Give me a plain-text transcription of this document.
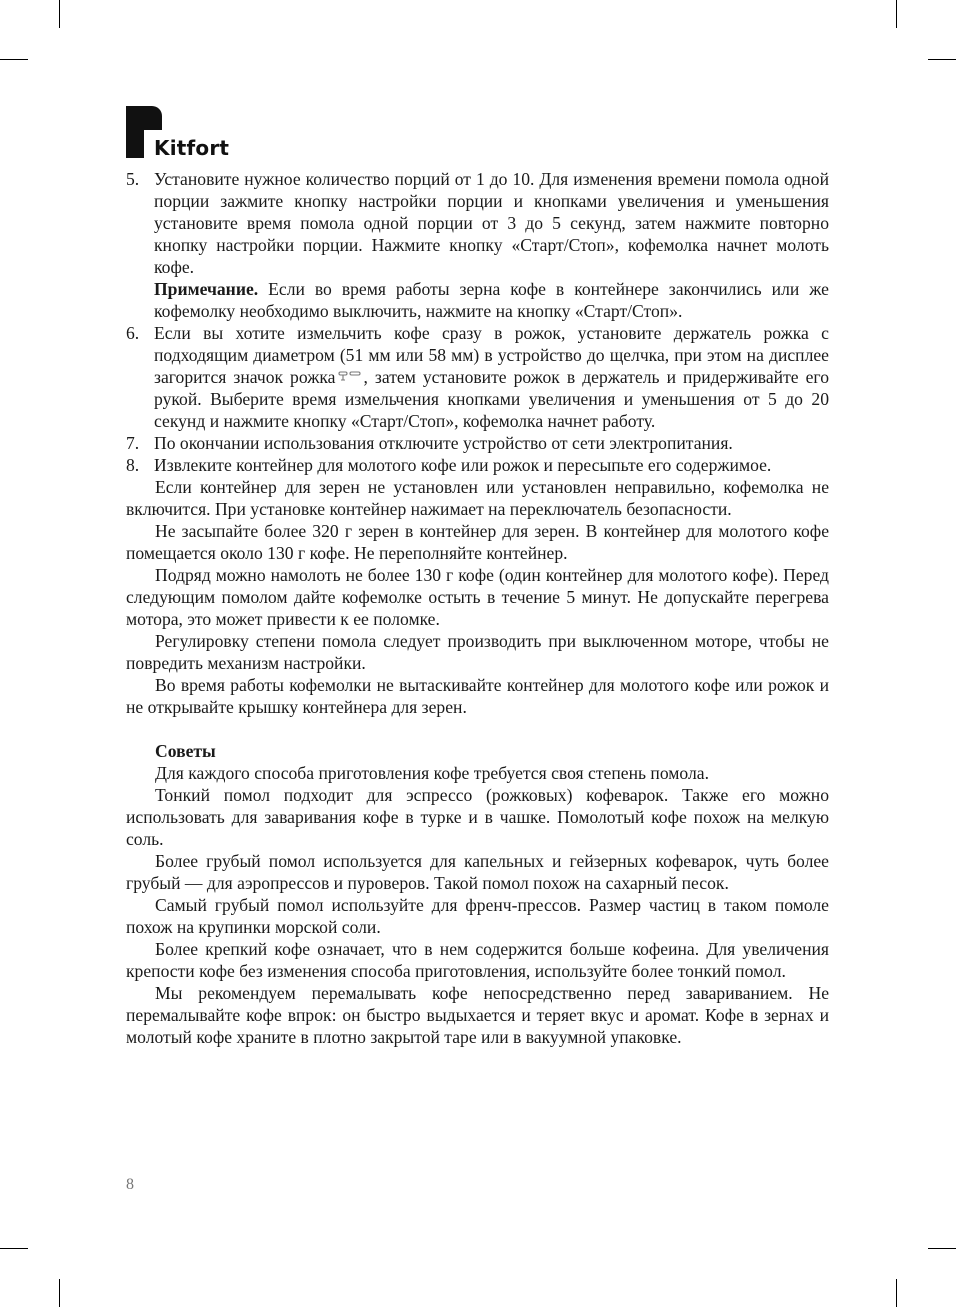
Kitfort
5. Установите нужное количество порций от 1 до 10. Для изменения времени помола одной порции зажмите кнопку настройки порции и кнопками увеличения и уменьшения установите время помола одной порции от 3 до 5 секунд, затем нажмите повторно кнопку настройки порции. Нажмите кнопку «Старт/Стоп», кофемолка начнет молоть кофе.

Примечание. Если во время работы зерна кофе в контейнере закончились или же кофемолку необходимо выключить, нажмите на кнопку «Старт/Стоп».

6. Если вы хотите измельчить кофе сразу в рожок, установите держатель рожка с подходящим диаметром (51 мм или 58 мм) в устройство до щелчка, при этом на дисплее загорится значок рожка , затем установите рожок в держатель и придерживайте его рукой. Выберите время измельчения кнопками увеличения и уменьшения от 5 до 20 секунд и нажмите кнопку «Старт/Стоп», кофемолка начнет работу.
7. По окончании использования отключите устройство от сети электропитания.
8. Извлеките контейнер для молотого кофе или рожок и пересыпьте его содержимое.

Если контейнер для зерен не установлен или установлен неправильно, кофемолка не включится. При установке контейнер нажимает на переключатель безопасности.

Не засыпайте более 320 г зерен в контейнер для зерен. В контейнер для молотого кофе помещается около 130 г кофе. Не переполняйте контейнер.

Подряд можно намолоть не более 130 г кофе (один контейнер для молотого кофе). Перед следующим помолом дайте кофемолке остыть в течение 5 минут. Не допускайте перегрева мотора, это может привести к ее поломке.

Регулировку степени помола следует производить при выключенном моторе, чтобы не повредить механизм настройки.

Во время работы кофемолки не вытаскивайте контейнер для молотого кофе или рожок и не открывайте крышку контейнера для зерен.

Советы

Для каждого способа приготовления кофе требуется своя степень помола.

Тонкий помол подходит для эспрессо (рожковых) кофеварок. Также его можно использовать для заваривания кофе в турке и в чашке. Помолотый кофе похож на мелкую соль.

Более грубый помол используется для капельных и гейзерных кофеварок, чуть более грубый — для аэропрессов и пуроверов. Такой помол похож на сахарный песок.

Самый грубый помол используйте для френч-прессов. Размер частиц в таком помоле похож на крупинки морской соли.

Более крепкий кофе означает, что в нем содержится больше кофеина. Для увеличения крепости кофе без изменения способа приготовления, используйте более тонкий помол.

Мы рекомендуем перемалывать кофе непосредственно перед завариванием. Не перемалывайте кофе впрок: он быстро выдыхается и теряет вкус и аромат. Кофе в зернах и молотый кофе храните в плотно закрытой таре или в вакуумной упаковке.

8
